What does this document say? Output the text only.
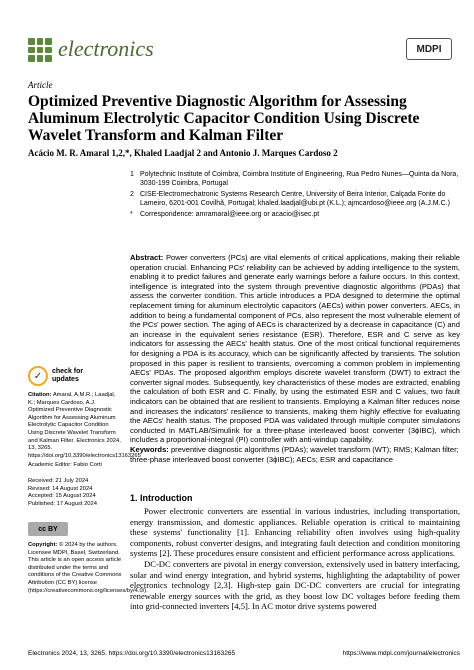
electronics	MDPI
Article
Optimized Preventive Diagnostic Algorithm for Assessing Aluminum Electrolytic Capacitor Condition Using Discrete Wavelet Transform and Kalman Filter
Acácio M. R. Amaral 1,2,*, Khaled Laadjal 2 and Antonio J. Marques Cardoso 2
1 Polytechnic Institute of Coimbra, Coimbra Institute of Engineering, Rua Pedro Nunes—Quinta da Nora, 3030-199 Coimbra, Portugal
2 CISE-Electromechatronic Systems Research Centre, University of Beira Interior, Calçada Fonte do Lameiro, 6201-001 Covilhã, Portugal; khaled.laadjal@ubi.pt (K.L.); ajmcardoso@ieee.org (A.J.M.C.)
*	Correspondence: amramaral@ieee.org or acacio@isec.pt
Abstract: Power converters (PCs) are vital elements of critical applications, making their reliable operation crucial. Enhancing PCs' reliability can be achieved by adding intelligence to the system, enabling it to predict failures and generate early warnings before a failure occurs. In this context, intelligence is integrated into the system through preventive diagnostic algorithms (PDAs) that assess the converter condition. This article introduces a PDA designed to determine the optimal replacement timing for aluminum electrolytic capacitors (AECs) within power converters. AECs, in addition to being a fundamental component of PCs, also represent the most vulnerable element of the PCs' power section. The aging of AECs is characterized by a decrease in capacitance (C) and an increase in the equivalent series resistance (ESR). Therefore, ESR and C serve as key indicators for assessing the AECs' health status. One of the most critical functional requirements for designing a PDA is its accuracy, which can be significantly affected by transients. The solution proposed in this paper is resilient to transients, overcoming a common problem in implementing AECs' PDAs. The proposed algorithm employs discrete wavelet transform (DWT) to extract the converter signal modes. Subsequently, key characteristics of these modes are extracted, enabling the calculation of both ESR and C. Finally, by using the estimated ESR and C values, two fault indicators can be obtained that are resilient to transients. Employing a Kalman filter reduces noise and increases the indicators' resilience to transients, making them highly effective for evaluating the AECs' health status. The proposed PDA was validated through multiple computer simulations conducted in MATLAB/Simulink for a three-phase interleaved boost converter (3ϕIBC), which includes a proportional-integral (PI) controller with anti-windup capability.
Keywords: preventive diagnostic algorithms (PDAs); wavelet transform (WT); RMS; Kalman filter; three-phase interleaved boost converter (3ϕIBC); AECs; ESR and capacitance
✓	check for
updates
Citation: Amaral, A.M.R.; Laadjal, K.; Marques Cardoso, A.J. Optimized Preventive Diagnostic Algorithm for Assessing Aluminum Electrolytic Capacitor Condition Using Discrete Wavelet Transform and Kalman Filter. Electronics 2024, 13, 3265. https://doi.org/10.3390/electronics13163265
Academic Editor: Fabio Corti
Received: 21 July 2024
Revised: 14 August 2024
Accepted: 15 August 2024
Published: 17 August 2024
cc BY
Copyright: © 2024 by the authors. Licensee MDPI, Basel, Switzerland. This article is an open access article distributed under the terms and conditions of the Creative Commons Attribution (CC BY) license (https://creativecommons.org/licenses/by/4.0/).
1. Introduction

Power electronic converters are essential in various industries, including transportation, energy transmission, and domestic appliances. Reliable operation is critical to maintaining these systems' functionality [1]. Enhancing reliability often involves using high-quality components, robust converter designs, and integrating fault detection and condition monitoring systems [2]. These procedures ensure consistent and efficient performance across applications.

DC-DC converters are pivotal in energy conversion, extensively used in battery interfacing, solar and wind energy integration, and hybrid systems, highlighting the adaptability of power electronics technology [2,3]. High-step gain DC-DC converters are crucial for integrating renewable energy sources with the grid, as they boost low DC voltages before feeding them into grid-connected inverters [4,5]. In AC motor drive systems powered

Electronics 2024, 13, 3265. https://doi.org/10.3390/electronics13163265	https://www.mdpi.com/journal/electronics
